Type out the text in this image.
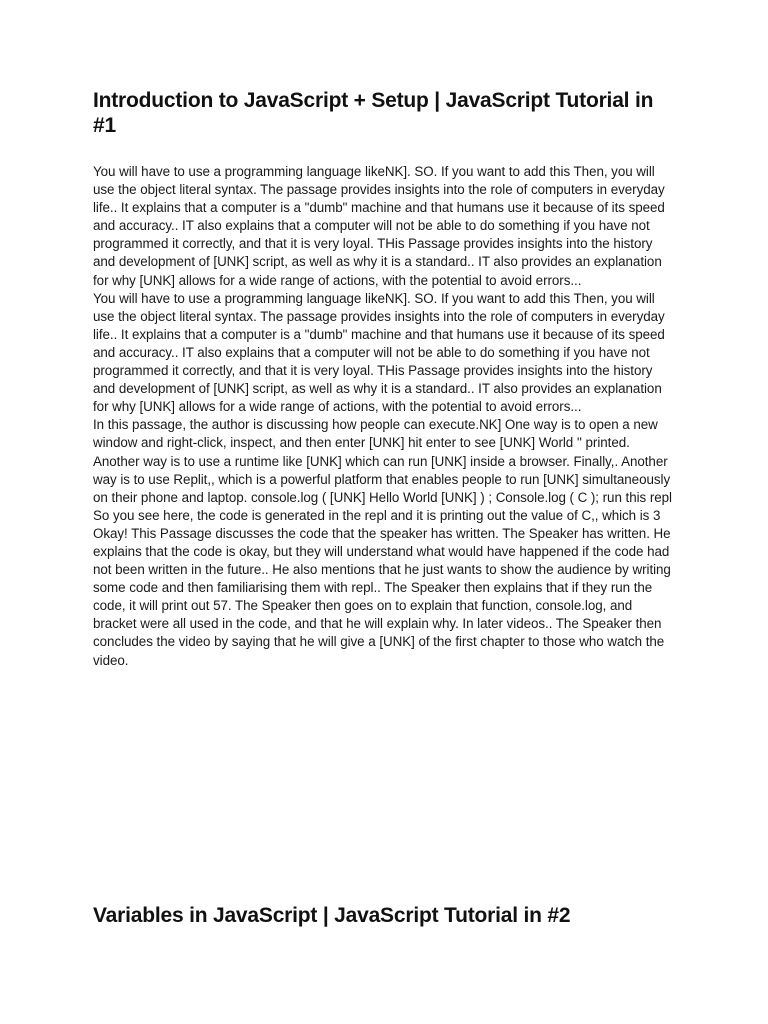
Introduction to JavaScript + Setup | JavaScript Tutorial in #1

You will have to use a programming language likeNK]. SO. If you want to add this Then, you will use the object literal syntax. The passage provides insights into the role of computers in everyday life.. It explains that a computer is a "dumb" machine and that humans use it because of its speed and accuracy.. IT also explains that a computer will not be able to do something if you have not programmed it correctly, and that it is very loyal. THis Passage provides insights into the history and development of [UNK] script, as well as why it is a standard.. IT also provides an explanation for why [UNK] allows for a wide range of actions, with the potential to avoid errors...

You will have to use a programming language likeNK]. SO. If you want to add this Then, you will use the object literal syntax. The passage provides insights into the role of computers in everyday life.. It explains that a computer is a "dumb" machine and that humans use it because of its speed and accuracy.. IT also explains that a computer will not be able to do something if you have not programmed it correctly, and that it is very loyal. THis Passage provides insights into the history and development of [UNK] script, as well as why it is a standard.. IT also provides an explanation for why [UNK] allows for a wide range of actions, with the potential to avoid errors...

In this passage, the author is discussing how people can execute.NK] One way is to open a new window and right-click, inspect, and then enter [UNK] hit enter to see [UNK] World '' printed. Another way is to use a runtime like [UNK] which can run [UNK] inside a browser. Finally,. Another way is to use Replit,, which is a powerful platform that enables people to run [UNK] simultaneously on their phone and laptop. console.log ( [UNK] Hello World [UNK] ) ; Console.log ( C ); run this repl So you see here, the code is generated in the repl and it is printing out the value of C,, which is 3 Okay! This Passage discusses the code that the speaker has written. The Speaker has written. He explains that the code is okay, but they will understand what would have happened if the code had not been written in the future.. He also mentions that he just wants to show the audience by writing some code and then familiarising them with repl.. The Speaker then explains that if they run the code, it will print out 57. The Speaker then goes on to explain that function, console.log, and bracket were all used in the code, and that he will explain why. In later videos.. The Speaker then concludes the video by saying that he will give a [UNK] of the first chapter to those who watch the video.

Variables in JavaScript | JavaScript Tutorial in #2
